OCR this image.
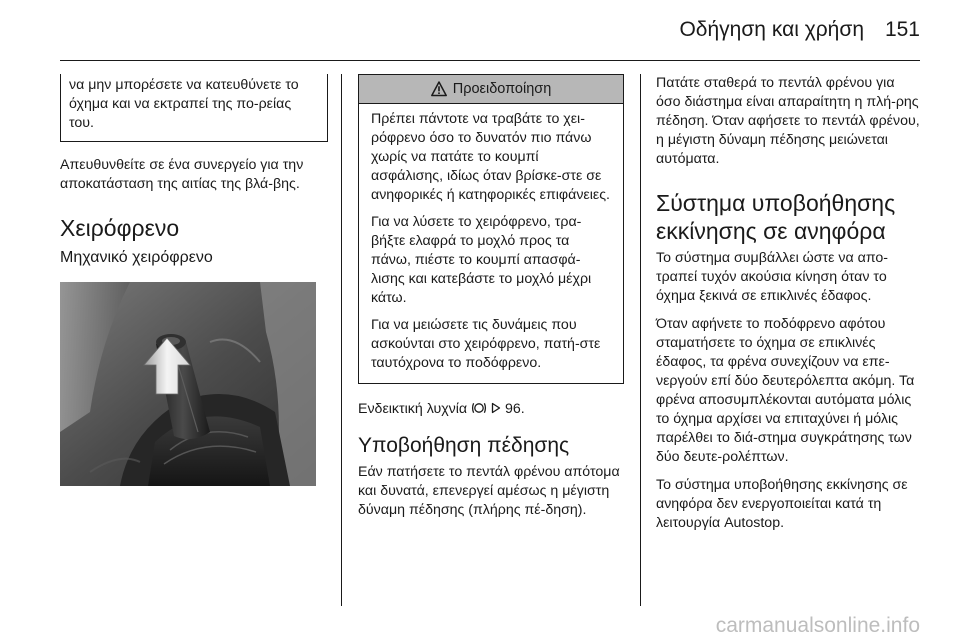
Οδήγηση και χρήση 151

να μην μπορέσετε να κατευθύνετε το όχημα και να εκτραπεί της πο-ρείας του.

Απευθυνθείτε σε ένα συνεργείο για την αποκατάσταση της αιτίας της βλά-βης.

Χειρόφρενο
Μηχανικό χειρόφρενο
Προειδοποίηση

Πρέπει πάντοτε να τραβάτε το χει-ρόφρενο όσο το δυνατόν πιο πάνω χωρίς να πατάτε το κουμπί ασφάλισης, ιδίως όταν βρίσκε-στε σε ανηφορικές ή κατηφορικές επιφάνειες.

Για να λύσετε το χειρόφρενο, τρα-βήξτε ελαφρά το μοχλό προς τα πάνω, πιέστε το κουμπί απασφά-λισης και κατεβάστε το μοχλό μέχρι κάτω.

Για να μειώσετε τις δυνάμεις που ασκούνται στο χειρόφρενο, πατή-στε ταυτόχρονα το ποδόφρενο.

Ενδεικτική λυχνία	96.

Υποβοήθηση πέδησης

Εάν πατήσετε το πεντάλ φρένου απότομα και δυνατά, επενεργεί αμέσως η μέγιστη δύναμη πέδησης (πλήρης πέ-δηση).

Πατάτε σταθερά το πεντάλ φρένου για όσο διάστημα είναι απαραίτητη η πλή-ρης πέδηση. Όταν αφήσετε το πεντάλ φρένου, η μέγιστη δύναμη πέδησης μειώνεται αυτόματα.

Σύστημα υποβοήθησης εκκίνησης σε ανηφόρα

Το σύστημα συμβάλλει ώστε να απο-τραπεί τυχόν ακούσια κίνηση όταν το όχημα ξεκινά σε επικλινές έδαφος.

Όταν αφήνετε το ποδόφρενο αφότου σταματήσετε το όχημα σε επικλινές έδαφος, τα φρένα συνεχίζουν να επε-νεργούν επί δύο δευτερόλεπτα ακόμη. Τα φρένα αποσυμπλέκονται αυτόματα μόλις το όχημα αρχίσει να επιταχύνει ή μόλις παρέλθει το διά-στημα συγκράτησης των δύο δευτε-ρολέπτων.

Το σύστημα υποβοήθησης εκκίνησης σε ανηφόρα δεν ενεργοποιείται κατά τη λειτουργία Autostop.

carmanualsonline.info
